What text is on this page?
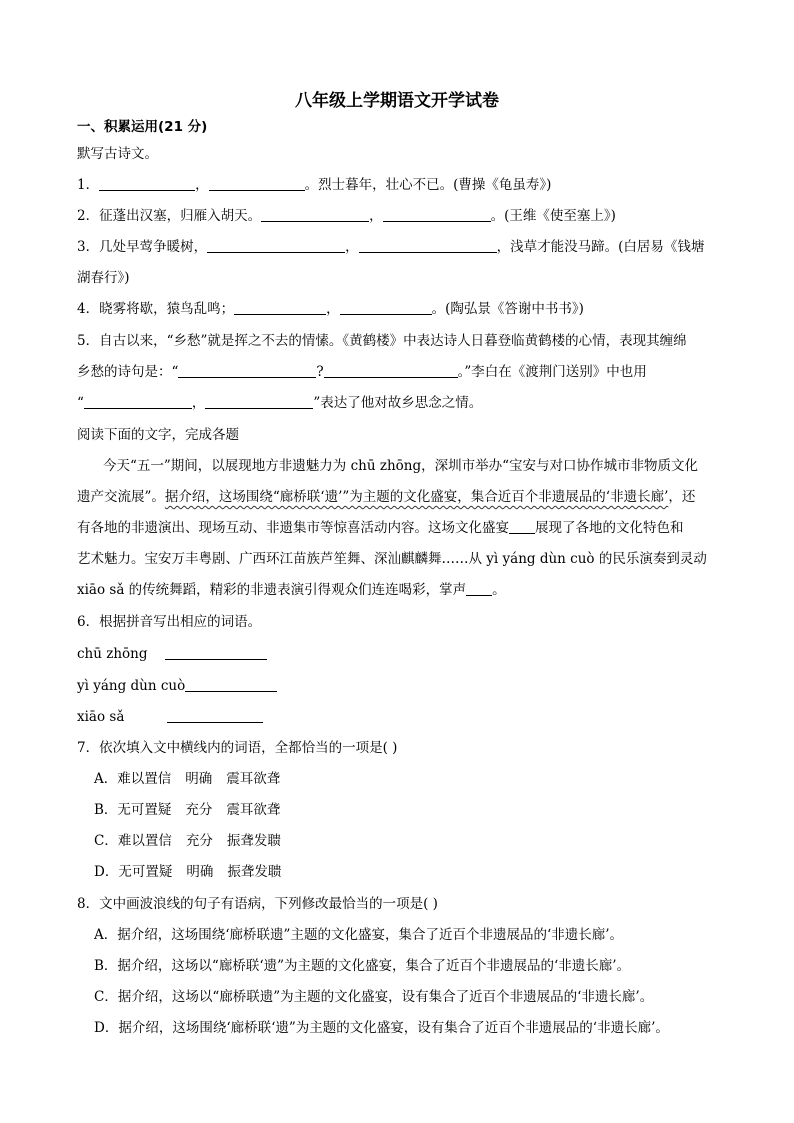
八年级上学期语文开学试卷
一、积累运用(21 分)
默写古诗文。
1．	，	。烈士暮年，壮心不已。(曹操《龟虽寿》)
2．征蓬出汉塞，归雁入胡天。	，	。(王维《使至塞上》)
3．几处早莺争暖树，	，	，浅草才能没马蹄。(白居易《钱塘
湖春行》)
4．晓雾将歇，猿鸟乱鸣；	，	。(陶弘景《答谢中书书》)
5．自古以来，“乡愁”就是挥之不去的情愫。《黄鹤楼》中表达诗人日暮登临黄鹤楼的心情，表现其缠绵
乡愁的诗句是：“	?	。”李白在《渡荆门送别》中也用
“	，	”表达了他对故乡思念之情。
阅读下面的文字，完成各题
今天“五一”期间，以展现地方非遗魅力为 chū zhōng，深圳市举办“宝安与对口协作城市非物质文化
遗产交流展”。据介绍，这场围绕“廊桥联‘遗’”为主题的文化盛宴，集合近百个非遗展品的‘非遗长廊’，还
有各地的非遗演出、现场互动、非遗集市等惊喜活动内容。这场文化盛宴 展现了各地的文化特色和
艺术魅力。宝安万丰粤剧、广西环江苗族芦笙舞、深汕麒麟舞……从 yì yáng dùn cuò 的民乐演奏到灵动
xiāo sǎ 的传统舞蹈，精彩的非遗表演引得观众们连连喝彩，掌声 。
6．根据拼音写出相应的词语。
chū zhōng
yì yáng dùn cuò
xiāo sǎ
7．依次填入文中横线内的词语，全都恰当的一项是( )
A．难以置信 明确 震耳欲聋
B．无可置疑 充分 震耳欲聋
C．难以置信 充分 振聋发聩
D．无可置疑 明确 振聋发聩
8．文中画波浪线的句子有语病，下列修改最恰当的一项是( )
A．据介绍，这场围绕‘廊桥联遗”主题的文化盛宴，集合了近百个非遗展品的‘非遗长廊’。
B．据介绍，这场以“廊桥联‘遗”为主题的文化盛宴，集合了近百个非遗展品的‘非遗长廊’。
C．据介绍，这场以“廊桥联遗”为主题的文化盛宴，设有集合了近百个非遗展品的‘非遗长廊’。
D．据介绍，这场围绕‘廊桥联‘遗”为主题的文化盛宴，设有集合了近百个非遗展品的‘非遗长廊’。
